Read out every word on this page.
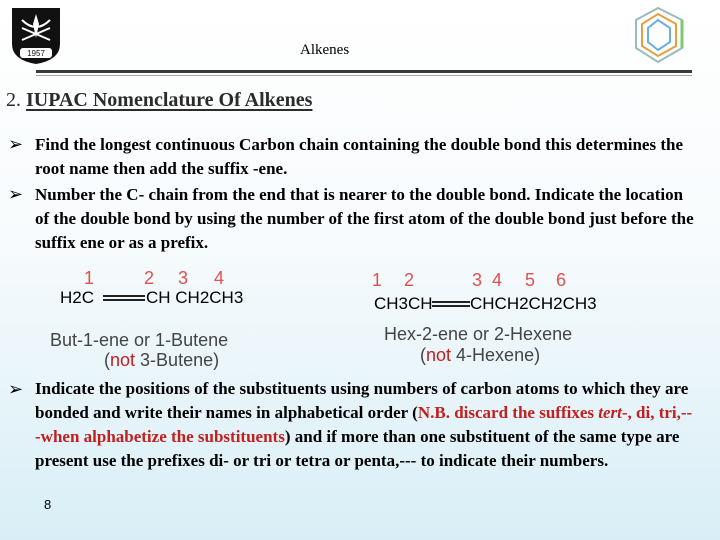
1957	Alkenes
2. IUPAC Nomenclature Of Alkenes
➢ Find the longest continuous Carbon chain containing the double bond this determines the root name then add the suffix -ene.
➢ Number the C- chain from the end that is nearer to the double bond. Indicate the location of the double bond by using the number of the first atom of the double bond just before the suffix ene or as a prefix.
1	2 3 4
H2C	CH CH2CH3
But-1-ene or 1-Butene
(not 3-Butene)
1 2	3 4 5 6
CH3CH CHCH2CH2CH3
Hex-2-ene or 2-Hexene
(not 4-Hexene)
➢ Indicate the positions of the substituents using numbers of carbon atoms to which they are bonded and write their names in alphabetical order (N.B. discard the suffixes tert-, di, tri,---when alphabetize the substituents) and if more than one substituent of the same type are present use the prefixes di- or tri or tetra or penta,--- to indicate their numbers.
8
